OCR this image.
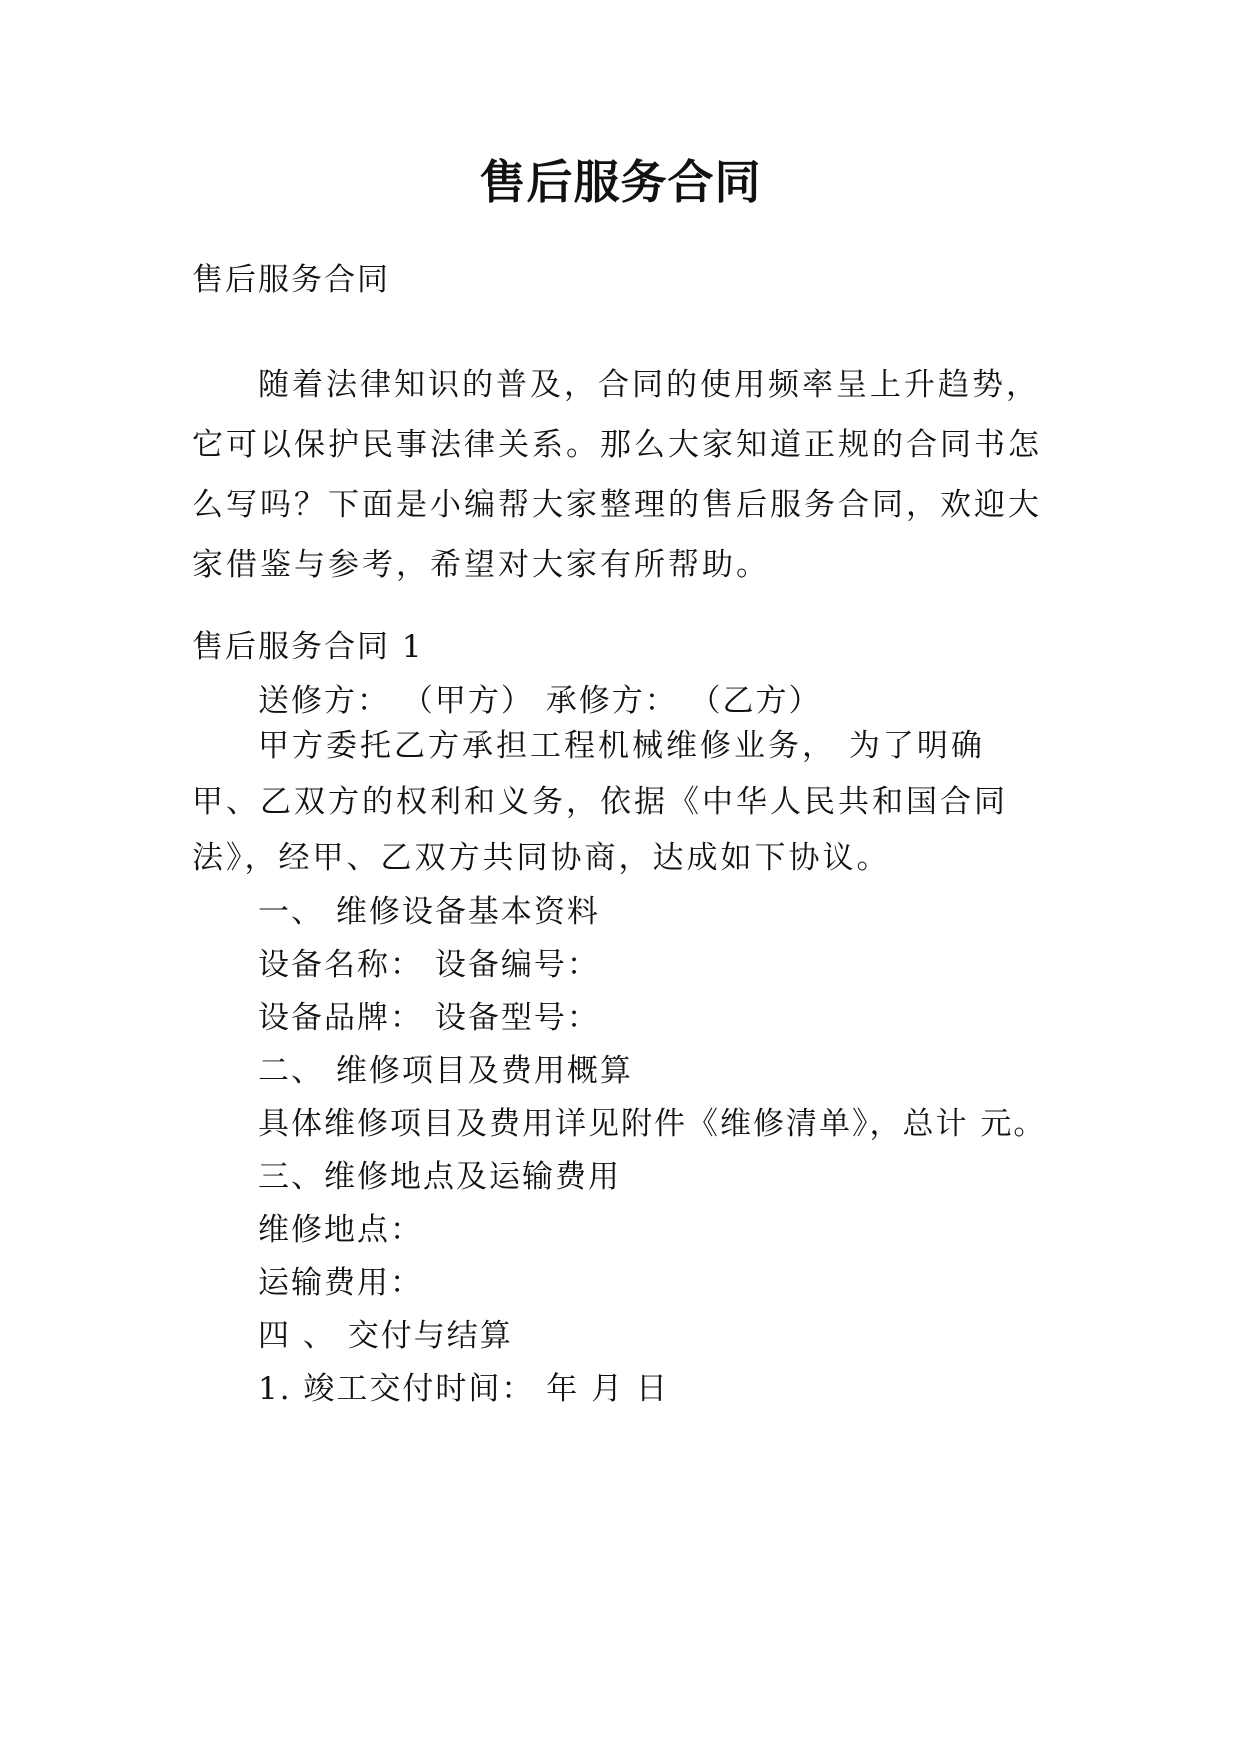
售后服务合同
售后服务合同
随着法律知识的普及，合同的使用频率呈上升趋势，它可以保护民事法律关系。那么大家知道正规的合同书怎么写吗？下面是小编帮大家整理的售后服务合同，欢迎大家借鉴与参考，希望对大家有所帮助。
售后服务合同 1
送修方： （甲方） 承修方： （乙方）
甲方委托乙方承担工程机械维修业务， 为了明确甲、乙双方的权利和义务，依据《中华人民共和国合同法》，经甲、乙双方共同协商，达成如下协议。
一、 维修设备基本资料
设备名称： 设备编号：
设备品牌： 设备型号：
二、 维修项目及费用概算
具体维修项目及费用详见附件《维修清单》，总计 元。
三、维修地点及运输费用
维修地点：
运输费用：
四 、 交付与结算
1. 竣工交付时间： 年 月 日
